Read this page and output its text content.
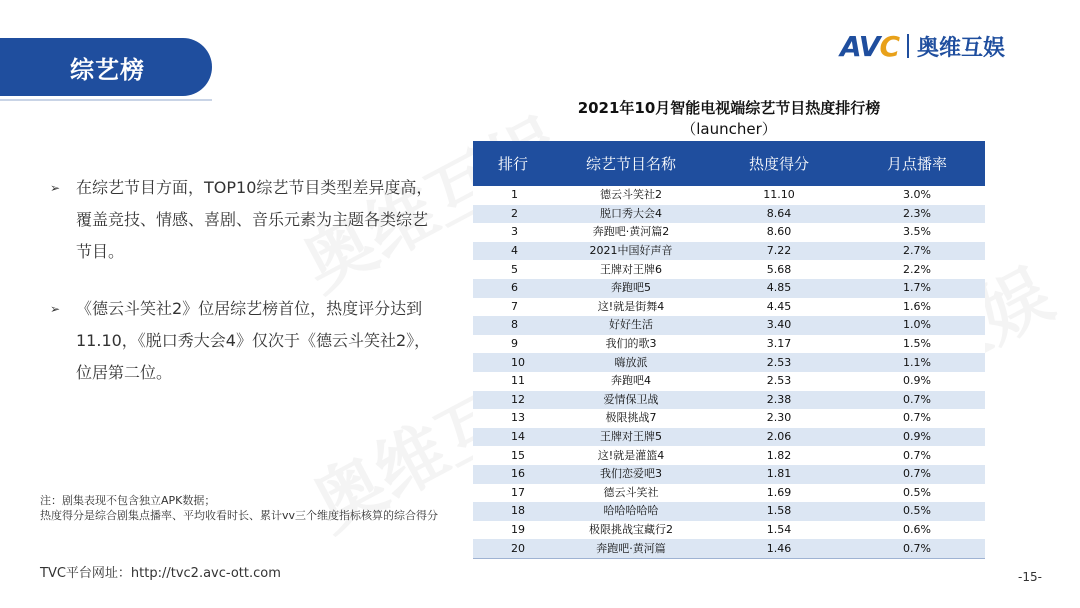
综艺榜
AVC 奥维互娱
➢ 在综艺节目方面，TOP10综艺节目类型差异度高，覆盖竞技、情感、喜剧、音乐元素为主题各类综艺节目。
➢ 《德云斗笑社2》位居综艺榜首位，热度评分达到11.10，《脱口秀大会4》仅次于《德云斗笑社2》，位居第二位。
注：剧集表现不包含独立APK数据；
热度得分是综合剧集点播率、平均收看时长、累计vv三个维度指标核算的综合得分
TVC平台网址：http://tvc2.avc-ott.com	-15-
2021年10月智能电视端综艺节目热度排行榜
（launcher）
排行	综艺节目名称	热度得分	月点播率
1	德云斗笑社2	11.10	3.0%
2	脱口秀大会4	8.64	2.3%
3	奔跑吧·黄河篇2	8.60	3.5%
4	2021中国好声音	7.22	2.7%
5	王牌对王牌6	5.68	2.2%
6	奔跑吧5	4.85	1.7%
7	这!就是街舞4	4.45	1.6%
8	好好生活	3.40	1.0%
9	我们的歌3	3.17	1.5%
10	嗨放派	2.53	1.1%
11	奔跑吧4	2.53	0.9%
12	爱情保卫战	2.38	0.7%
13	极限挑战7	2.30	0.7%
14	王牌对王牌5	2.06	0.9%
15	这!就是灌篮4	1.82	0.7%
16	我们恋爱吧3	1.81	0.7%
17	德云斗笑社	1.69	0.5%
18	哈哈哈哈哈	1.58	0.5%
19	极限挑战宝藏行2	1.54	0.6%
20	奔跑吧·黄河篇	1.46	0.7%
